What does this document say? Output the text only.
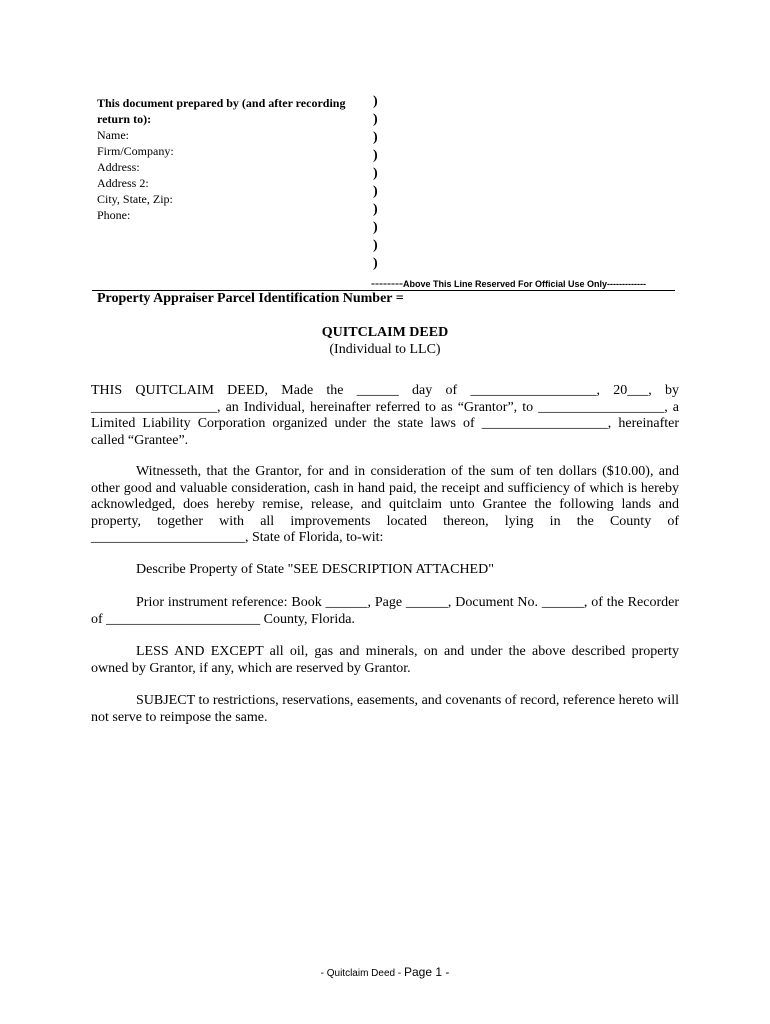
This document prepared by (and after recording return to):
Name:
Firm/Company:
Address:
Address 2:
City, State, Zip:
Phone:
)
)
)
)
)
)
)
)
)
)
--------Above This Line Reserved For Official Use Only-------------
Property Appraiser Parcel Identification Number =
QUITCLAIM DEED
(Individual to LLC)
THIS QUITCLAIM DEED, Made the ______ day of __________________, 20___, by __________________, an Individual, hereinafter referred to as “Grantor”, to __________________, a Limited Liability Corporation organized under the state laws of __________________, hereinafter called “Grantee”.
Witnesseth, that the Grantor, for and in consideration of the sum of ten dollars ($10.00), and other good and valuable consideration, cash in hand paid, the receipt and sufficiency of which is hereby acknowledged, does hereby remise, release, and quitclaim unto Grantee the following lands and property, together with all improvements located thereon, lying in the County of ______________________, State of Florida, to-wit:
Describe Property of State "SEE DESCRIPTION ATTACHED"
Prior instrument reference: Book ______, Page ______, Document No. ______, of the Recorder of ______________________ County, Florida.
LESS AND EXCEPT all oil, gas and minerals, on and under the above described property owned by Grantor, if any, which are reserved by Grantor.
SUBJECT to restrictions, reservations, easements, and covenants of record, reference hereto will not serve to reimpose the same.
- Quitclaim Deed - Page 1 -
